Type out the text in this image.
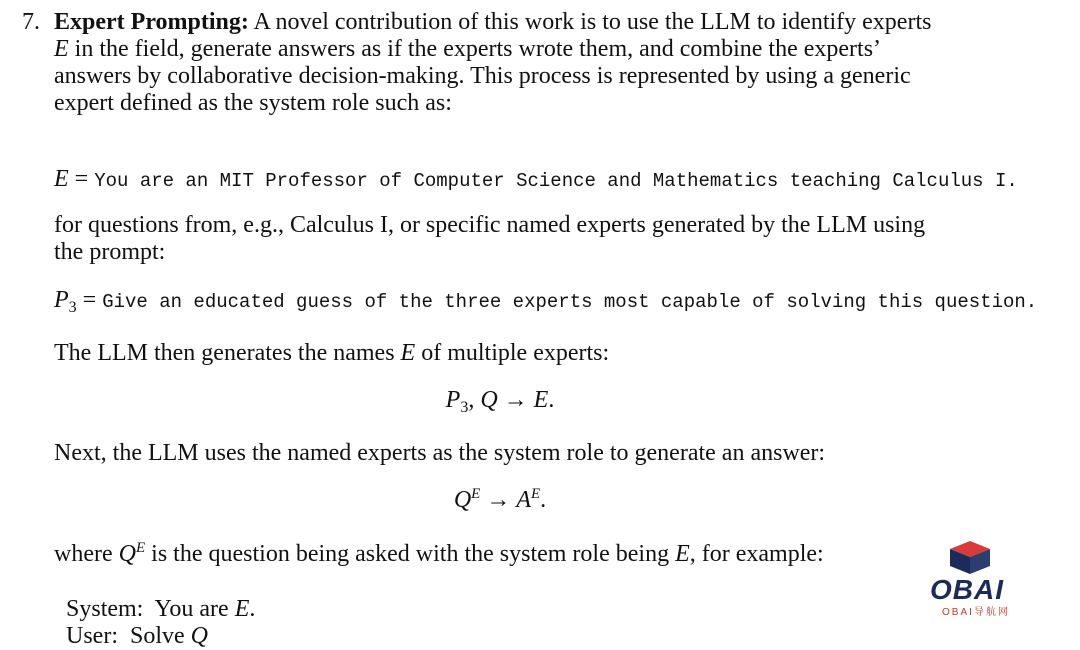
7. Expert Prompting: A novel contribution of this work is to use the LLM to identify experts
E in the field, generate answers as if the experts wrote them, and combine the experts’
answers by collaborative decision-making. This process is represented by using a generic
expert defined as the system role such as:
E = You are an MIT Professor of Computer Science and Mathematics teaching Calculus I.
for questions from, e.g., Calculus I, or specific named experts generated by the LLM using
the prompt:
$P_3$ = Give an educated guess of the three experts most capable of solving this question.
The LLM then generates the names E of multiple experts:
$P_3$, Q → E.
Next, the LLM uses the named experts as the system role to generate an answer:
$Q^E \to A^E$.
where $Q^E$ is the question being asked with the system role being E, for example:

System:  You are E.

User:  Solve Q

OBAI
OBAI导航网
